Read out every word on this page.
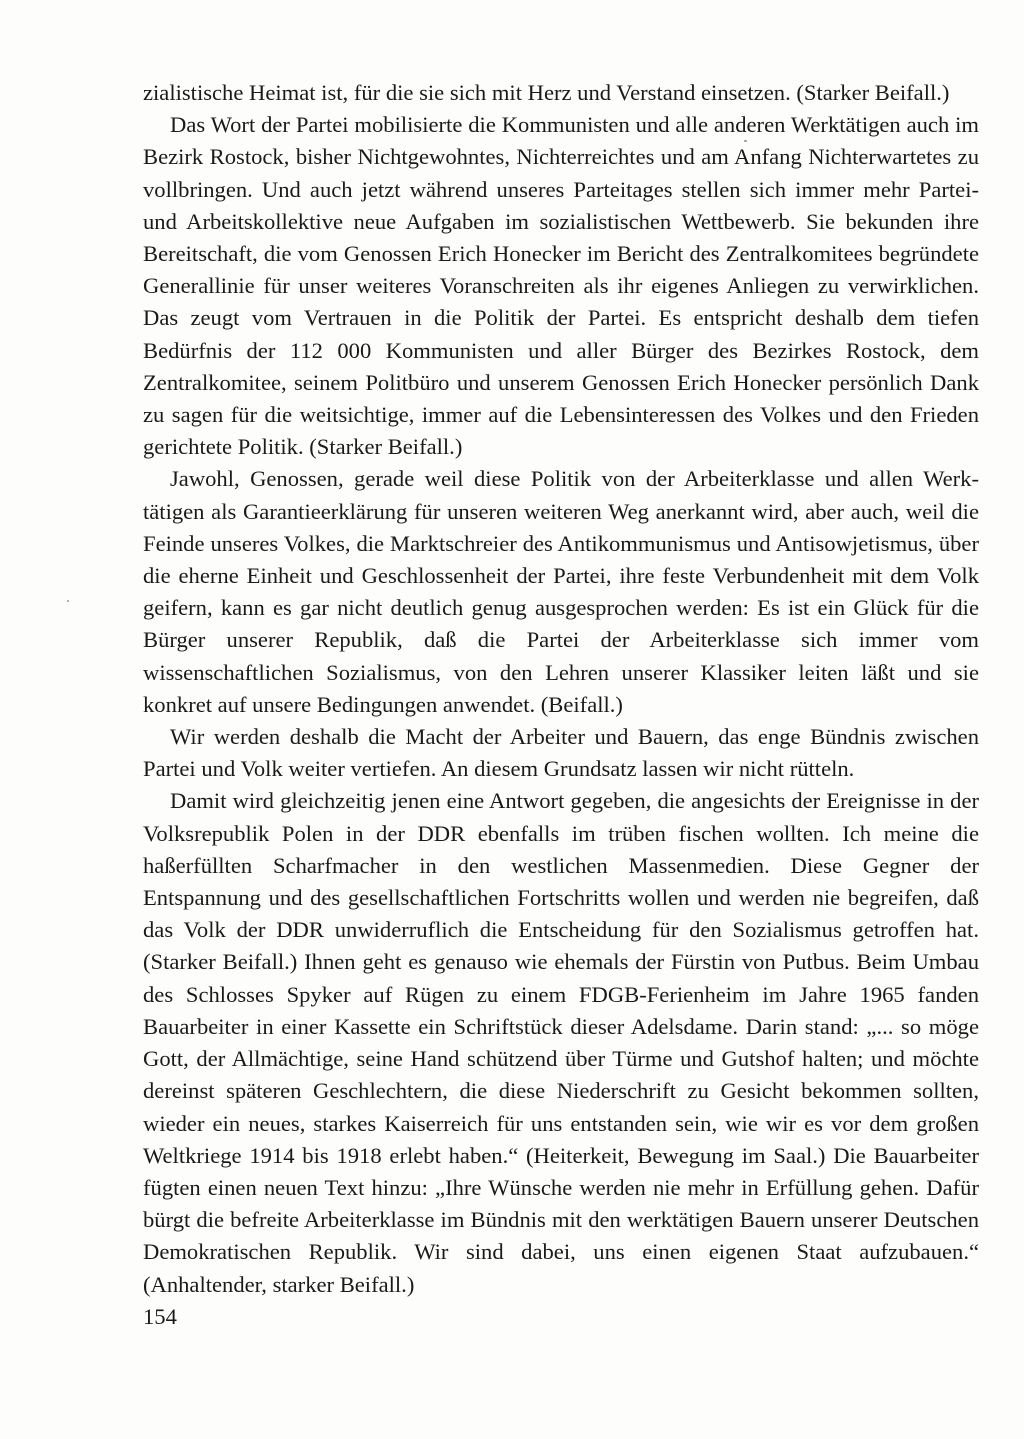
zialistische Heimat ist, für die sie sich mit Herz und Verstand einsetzen. (Starker Beifall.)

Das Wort der Partei mobilisierte die Kommunisten und alle anderen Werktätigen auch im Bezirk Rostock, bisher Nichtgewohntes, Nichterreichtes und am Anfang Nichterwartetes zu vollbringen. Und auch jetzt während unseres Parteitages stellen sich immer mehr Partei- und Arbeitskollektive neue Aufgaben im sozialistischen Wettbewerb. Sie bekunden ihre Bereitschaft, die vom Genossen Erich Honecker im Bericht des Zentralkomitees begründete Generallinie für unser weiteres Voranschreiten als ihr eigenes Anliegen zu verwirklichen. Das zeugt vom Vertrauen in die Politik der Partei. Es entspricht deshalb dem tiefen Bedürfnis der 112 000 Kommunisten und aller Bürger des Bezirkes Rostock, dem Zentralkomitee, seinem Politbüro und unserem Genossen Erich Honecker persönlich Dank zu sagen für die weitsichtige, immer auf die Lebensinteressen des Volkes und den Frieden gerichtete Politik. (Starker Beifall.)

Jawohl, Genossen, gerade weil diese Politik von der Arbeiterklasse und allen Werktätigen als Garantieerklärung für unseren weiteren Weg anerkannt wird, aber auch, weil die Feinde unseres Volkes, die Marktschreier des Antikommunismus und Antisowjetismus, über die eherne Einheit und Geschlossenheit der Partei, ihre feste Verbundenheit mit dem Volk geifern, kann es gar nicht deutlich genug ausgesprochen werden: Es ist ein Glück für die Bürger unserer Republik, daß die Partei der Arbeiterklasse sich immer vom wissenschaftlichen Sozialismus, von den Lehren unserer Klassiker leiten läßt und sie konkret auf unsere Bedingungen anwendet. (Beifall.)

Wir werden deshalb die Macht der Arbeiter und Bauern, das enge Bündnis zwischen Partei und Volk weiter vertiefen. An diesem Grundsatz lassen wir nicht rütteln.

Damit wird gleichzeitig jenen eine Antwort gegeben, die angesichts der Ereignisse in der Volksrepublik Polen in der DDR ebenfalls im trüben fischen wollten. Ich meine die haßerfüllten Scharfmacher in den westlichen Massenmedien. Diese Gegner der Entspannung und des gesellschaftlichen Fortschritts wollen und werden nie begreifen, daß das Volk der DDR unwiderruflich die Entscheidung für den Sozialismus getroffen hat. (Starker Beifall.) Ihnen geht es genauso wie ehemals der Fürstin von Putbus. Beim Umbau des Schlosses Spyker auf Rügen zu einem FDGB-Ferienheim im Jahre 1965 fanden Bauarbeiter in einer Kassette ein Schriftstück dieser Adelsdame. Darin stand: „... so möge Gott, der Allmächtige, seine Hand schützend über Türme und Gutshof halten; und möchte dereinst späteren Geschlechtern, die diese Niederschrift zu Gesicht bekommen sollten, wieder ein neues, starkes Kaiserreich für uns entstanden sein, wie wir es vor dem großen Weltkriege 1914 bis 1918 erlebt haben.“ (Heiterkeit, Bewegung im Saal.) Die Bauarbeiter fügten einen neuen Text hinzu: „Ihre Wünsche werden nie mehr in Erfüllung gehen. Dafür bürgt die befreite Arbeiterklasse im Bündnis mit den werktätigen Bauern unserer Deutschen Demokratischen Republik. Wir sind dabei, uns einen eigenen Staat aufzubauen.“ (Anhaltender, starker Beifall.)

154
